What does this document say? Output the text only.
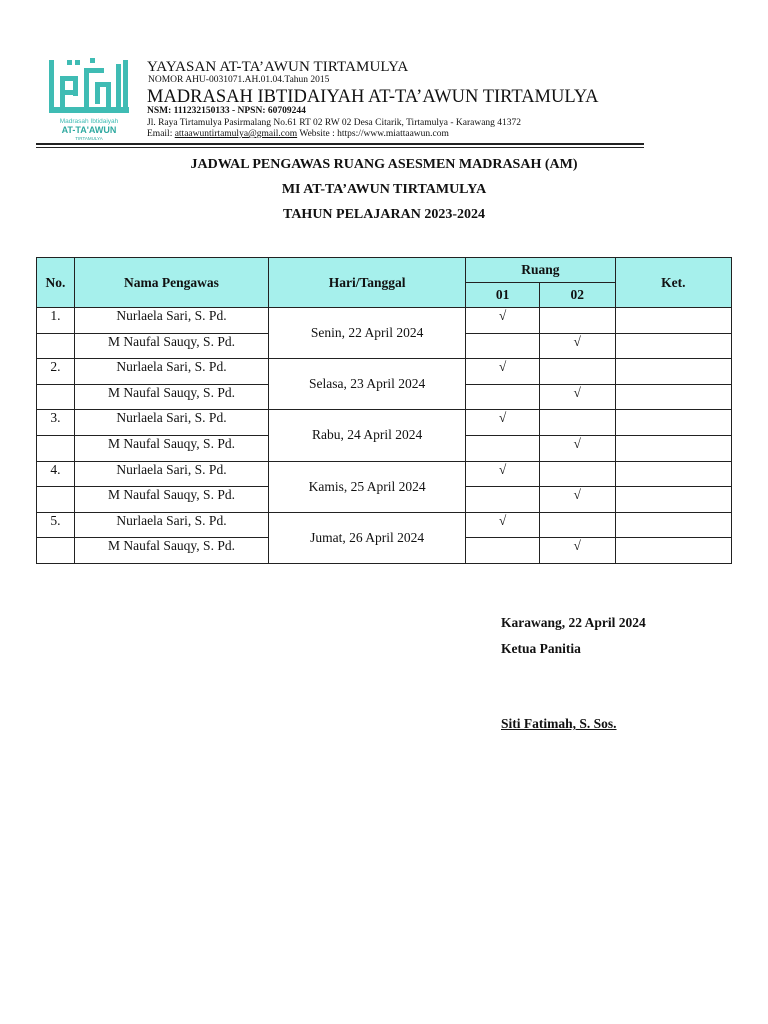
Madrasah Ibtidaiyah
AT-TA'AWUN
TIRTAMULYA
YAYASAN AT-TA’AWUN TIRTAMULYA
NOMOR AHU-0031071.AH.01.04.Tahun 2015
MADRASAH IBTIDAIYAH AT-TA’AWUN TIRTAMULYA
NSM: 111232150133 - NPSN: 60709244
Jl. Raya Tirtamulya Pasirmalang No.61 RT 02 RW 02 Desa Citarik, Tirtamulya - Karawang 41372
Email: attaawuntirtamulya@gmail.com Website : https://www.miattaawun.com
JADWAL PENGAWAS RUANG ASESMEN MADRASAH (AM)
MI AT-TA’AWUN TIRTAMULYA
TAHUN PELAJARAN 2023-2024
No.	Nama Pengawas	Hari/Tanggal	Ruang		Ket.
			01	02	
1.	Nurlaela Sari, S. Pd.	Senin, 22 April 2024	√		
	M Naufal Sauqy, S. Pd.			√	
2.	Nurlaela Sari, S. Pd.	Selasa, 23 April 2024	√		
	M Naufal Sauqy, S. Pd.			√	
3.	Nurlaela Sari, S. Pd.	Rabu, 24 April 2024	√		
	M Naufal Sauqy, S. Pd.			√	
4.	Nurlaela Sari, S. Pd.	Kamis, 25 April 2024	√		
	M Naufal Sauqy, S. Pd.			√	
5.	Nurlaela Sari, S. Pd.	Jumat, 26 April 2024	√		
	M Naufal Sauqy, S. Pd.			√	
Karawang, 22 April 2024
Ketua Panitia
Siti Fatimah, S. Sos.
